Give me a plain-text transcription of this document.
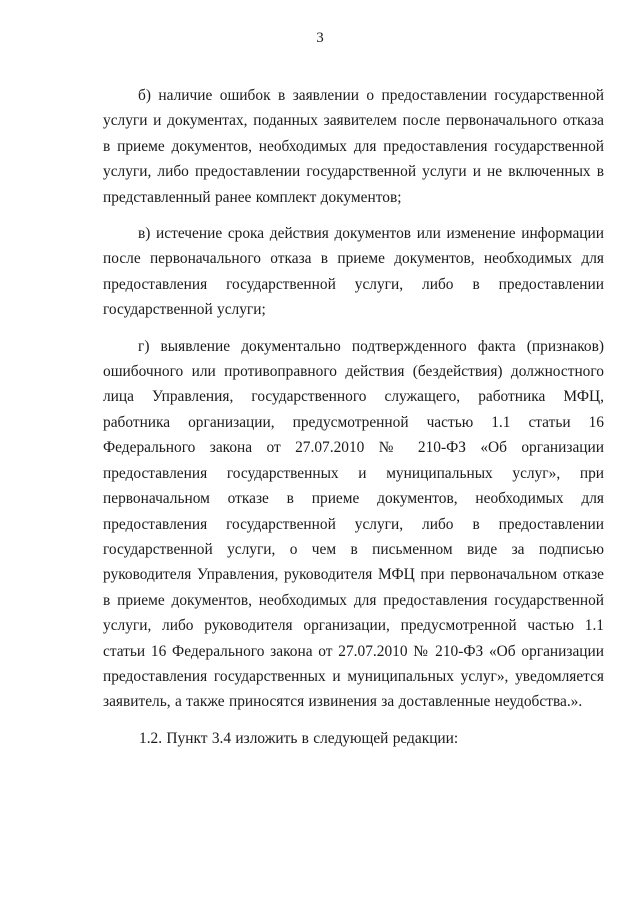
3

б) наличие ошибок в заявлении о предоставлении государственной услуги и документах, поданных заявителем после первоначального отказа в приеме документов, необходимых для предоставления государственной услуги, либо предоставлении государственной услуги и не включенных в представленный ранее комплект документов;

в) истечение срока действия документов или изменение информации после первоначального отказа в приеме документов, необходимых для предоставления государственной услуги, либо в предоставлении государственной услуги;

г) выявление документально подтвержденного факта (признаков) ошибочного или противоправного действия (бездействия) должностного лица Управления, государственного служащего, работника МФЦ, работника организации, предусмотренной частью 1.1 статьи 16 Федерального закона от 27.07.2010 № 210-ФЗ «Об организации предоставления государственных и муниципальных услуг», при первоначальном отказе в приеме документов, необходимых для предоставления государственной услуги, либо в предоставлении государственной услуги, о чем в письменном виде за подписью руководителя Управления, руководителя МФЦ при первоначальном отказе в приеме документов, необходимых для предоставления государственной услуги, либо руководителя организации, предусмотренной частью 1.1 статьи 16 Федерального закона от 27.07.2010 № 210-ФЗ «Об организации предоставления государственных и муниципальных услуг», уведомляется заявитель, а также приносятся извинения за доставленные неудобства.».

1.2. Пункт 3.4 изложить в следующей редакции:
